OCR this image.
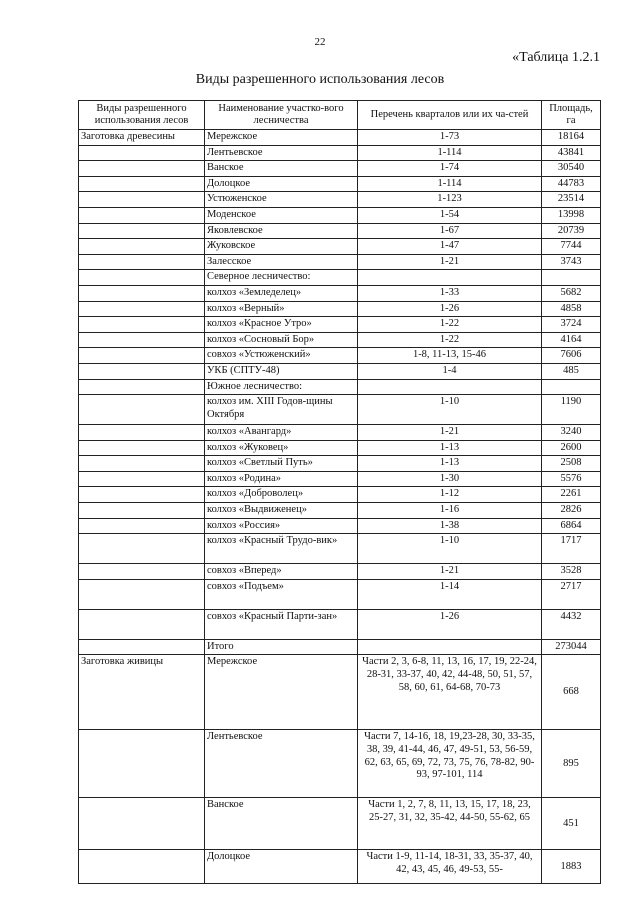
22
«Таблица 1.2.1
Виды разрешенного использования лесов
Виды разрешенного использования лесов	Наименование участко-вого лесничества	Перечень кварталов или их ча-стей	Площадь, га
Заготовка древесины	Мережское	1-73	18164
	Лентьевское	1-114	43841
	Ванское	1-74	30540
	Долоцкое	1-114	44783
	Устюженское	1-123	23514
	Моденское	1-54	13998
	Яковлевское	1-67	20739
	Жуковское	1-47	7744
	Залесское	1-21	3743
	Северное лесничество:		
	колхоз «Земледелец»	1-33	5682
	колхоз «Верный»	1-26	4858
	колхоз «Красное Утро»	1-22	3724
	колхоз «Сосновый Бор»	1-22	4164
	совхоз «Устюженский»	1-8, 11-13, 15-46	7606
	УКБ (СПТУ-48)	1-4	485
	Южное лесничество:		
	колхоз им. XIII Годов-щины Октября	1-10	1190
	колхоз «Авангард»	1-21	3240
	колхоз «Жуковец»	1-13	2600
	колхоз «Светлый Путь»	1-13	2508
	колхоз «Родина»	1-30	5576
	колхоз «Доброволец»	1-12	2261
	колхоз «Выдвиженец»	1-16	2826
	колхоз «Россия»	1-38	6864
	колхоз «Красный Трудо-вик»	1-10	1717
	совхоз «Вперед»	1-21	3528
	совхоз «Подъем»	1-14	2717
	совхоз «Красный Парти-зан»	1-26	4432
	Итого		273044
Заготовка живицы	Мережское	Части 2, 3, 6-8, 11, 13, 16, 17, 19, 22-24, 28-31, 33-37, 40, 42, 44-48, 50, 51, 57, 58, 60, 61, 64-68, 70-73	668
	Лентьевское	Части 7, 14-16, 18, 19,23-28, 30, 33-35, 38, 39, 41-44, 46, 47, 49-51, 53, 56-59, 62, 63, 65, 69, 72, 73, 75, 76, 78-82, 90-93, 97-101, 114	895
	Ванское	Части 1, 2, 7, 8, 11, 13, 15, 17, 18, 23, 25-27, 31, 32, 35-42, 44-50, 55-62, 65	451
	Долоцкое	Части 1-9, 11-14, 18-31, 33, 35-37, 40, 42, 43, 45, 46, 49-53, 55-	1883
